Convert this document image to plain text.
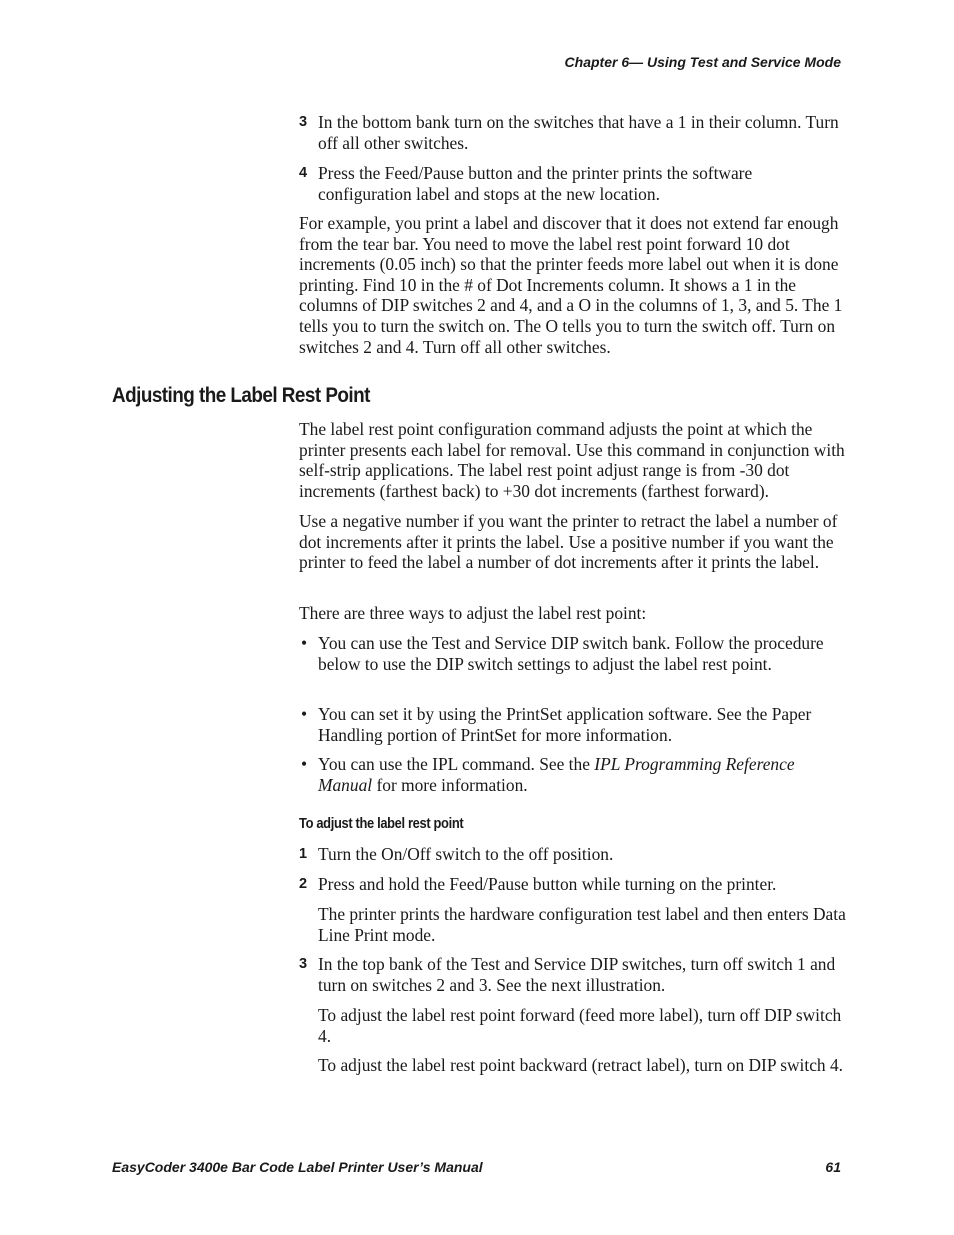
Chapter 6— Using Test and Service Mode
3 In the bottom bank turn on the switches that have a 1 in their column. Turn off all other switches.
4 Press the Feed/Pause button and the printer prints the software configuration label and stops at the new location.

For example, you print a label and discover that it does not extend far enough from the tear bar. You need to move the label rest point forward 10 dot increments (0.05 inch) so that the printer feeds more label out when it is done printing. Find 10 in the # of Dot Increments column. It shows a 1 in the columns of DIP switches 2 and 4, and a O in the columns of 1, 3, and 5. The 1 tells you to turn the switch on. The O tells you to turn the switch off. Turn on switches 2 and 4. Turn off all other switches.

Adjusting the Label Rest Point

The label rest point configuration command adjusts the point at which the printer presents each label for removal. Use this command in conjunction with self-strip applications. The label rest point adjust range is from -30 dot increments (farthest back) to +30 dot increments (farthest forward).

Use a negative number if you want the printer to retract the label a number of dot increments after it prints the label. Use a positive number if you want the printer to feed the label a number of dot increments after it prints the label.

There are three ways to adjust the label rest point:

• You can use the Test and Service DIP switch bank. Follow the procedure below to use the DIP switch settings to adjust the label rest point.
• You can set it by using the PrintSet application software. See the Paper Handling portion of PrintSet for more information.
• You can use the IPL command. See the IPL Programming Reference Manual for more information.
To adjust the label rest point
1 Turn the On/Off switch to the off position.
2 Press and hold the Feed/Pause button while turning on the printer.

The printer prints the hardware configuration test label and then enters Data Line Print mode.

3 In the top bank of the Test and Service DIP switches, turn off switch 1 and turn on switches 2 and 3. See the next illustration.

To adjust the label rest point forward (feed more label), turn off DIP switch 4.

To adjust the label rest point backward (retract label), turn on DIP switch 4.

EasyCoder 3400e Bar Code Label Printer User’s Manual	61
